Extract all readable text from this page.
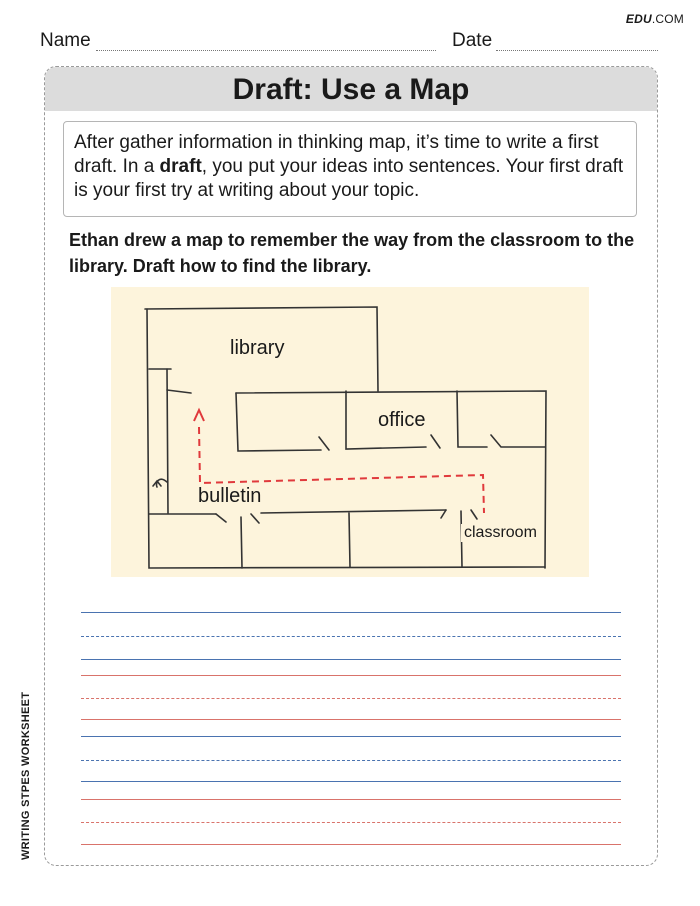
EDU.COM
Name	Date
Draft: Use a Map
After gather information in thinking map, it’s time to write a first draft. In a draft, you put your ideas into sentences. Your first draft is your first try at writing about your topic.
Ethan drew a map to remember the way from the classroom to the library. Draft how to find the library.
library
office
bulletin
classroom
WRITING STPES WORKSHEET
